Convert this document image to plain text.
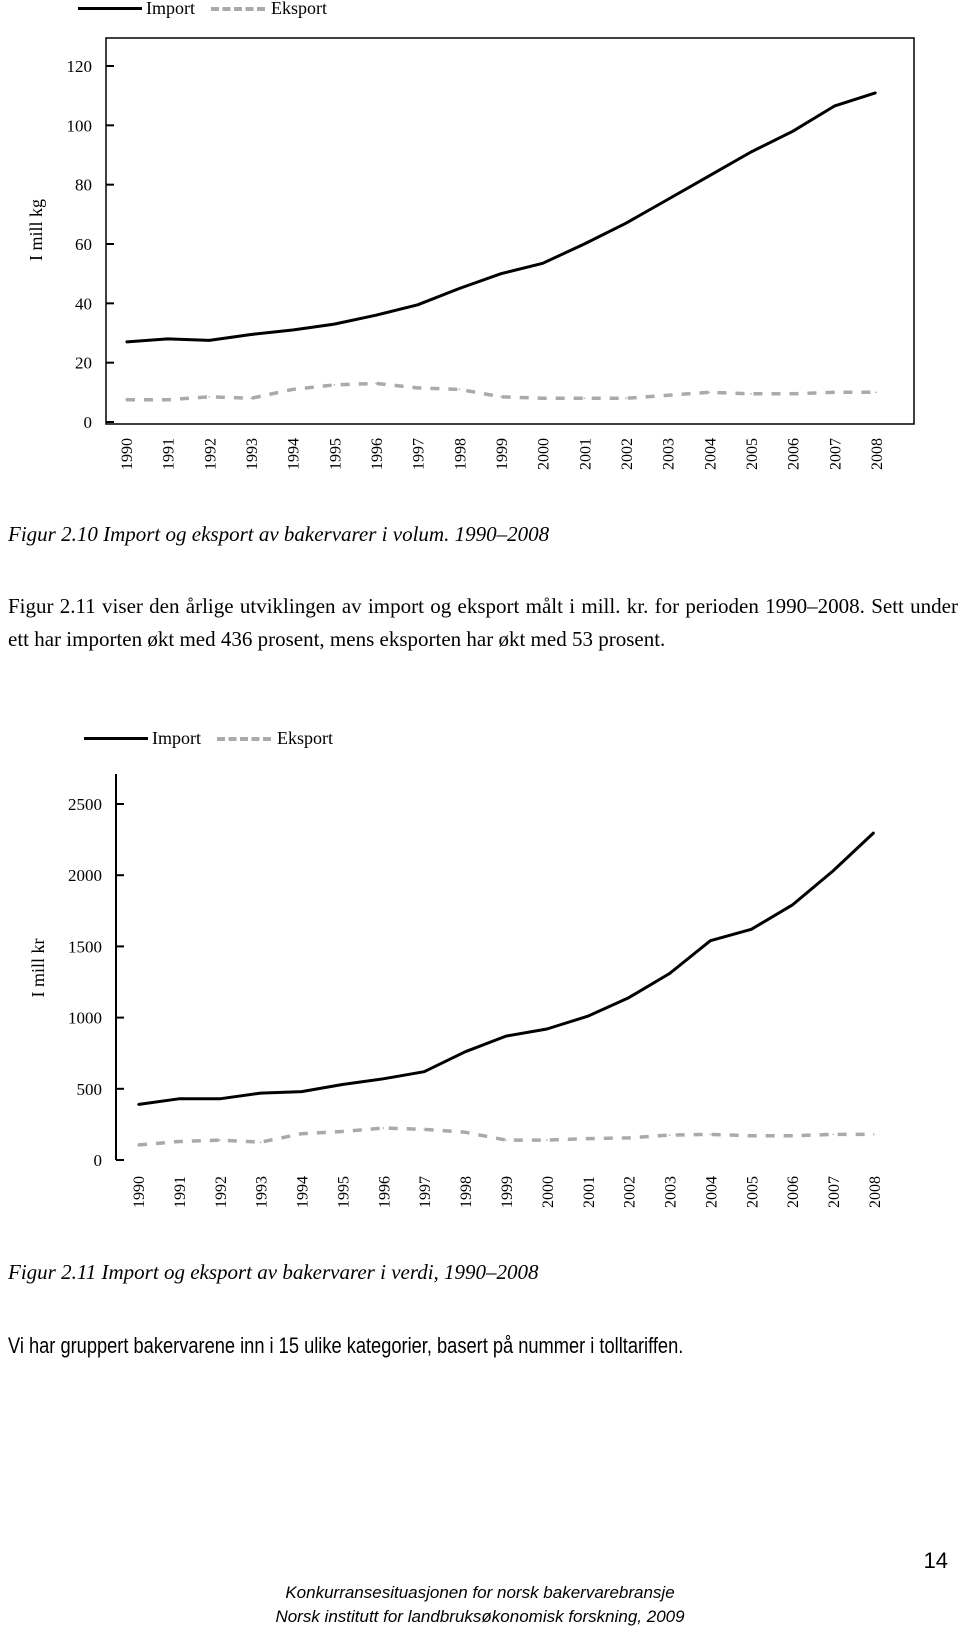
Import	Eksport
0
20
40
60
80
100
120
I mill kg
1990 1991 1992 1993 1994 1995 1996 1997 1998 1999 2000 2001 2002 2003 2004 2005 2006 2007 2008
Figur 2.10 Import og eksport av bakervarer i volum. 1990–2008
Figur 2.11 viser den årlige utviklingen av import og eksport målt i mill. kr. for perioden 1990–2008. Sett under ett har importen økt med 436 prosent, mens eksporten har økt med 53 prosent.
Import	Eksport
0
500
1000
1500
2000
2500
I mill kr
1990 1991 1992 1993 1994 1995 1996 1997 1998 1999 2000 2001 2002 2003 2004 2005 2006 2007 2008
Figur 2.11 Import og eksport av bakervarer i verdi, 1990–2008
Vi har gruppert bakervarene inn i 15 ulike kategorier, basert på nummer i tolltariffen.
Konkurransesituasjonen for norsk bakervarebransje
Norsk institutt for landbruksøkonomisk forskning, 2009
14
